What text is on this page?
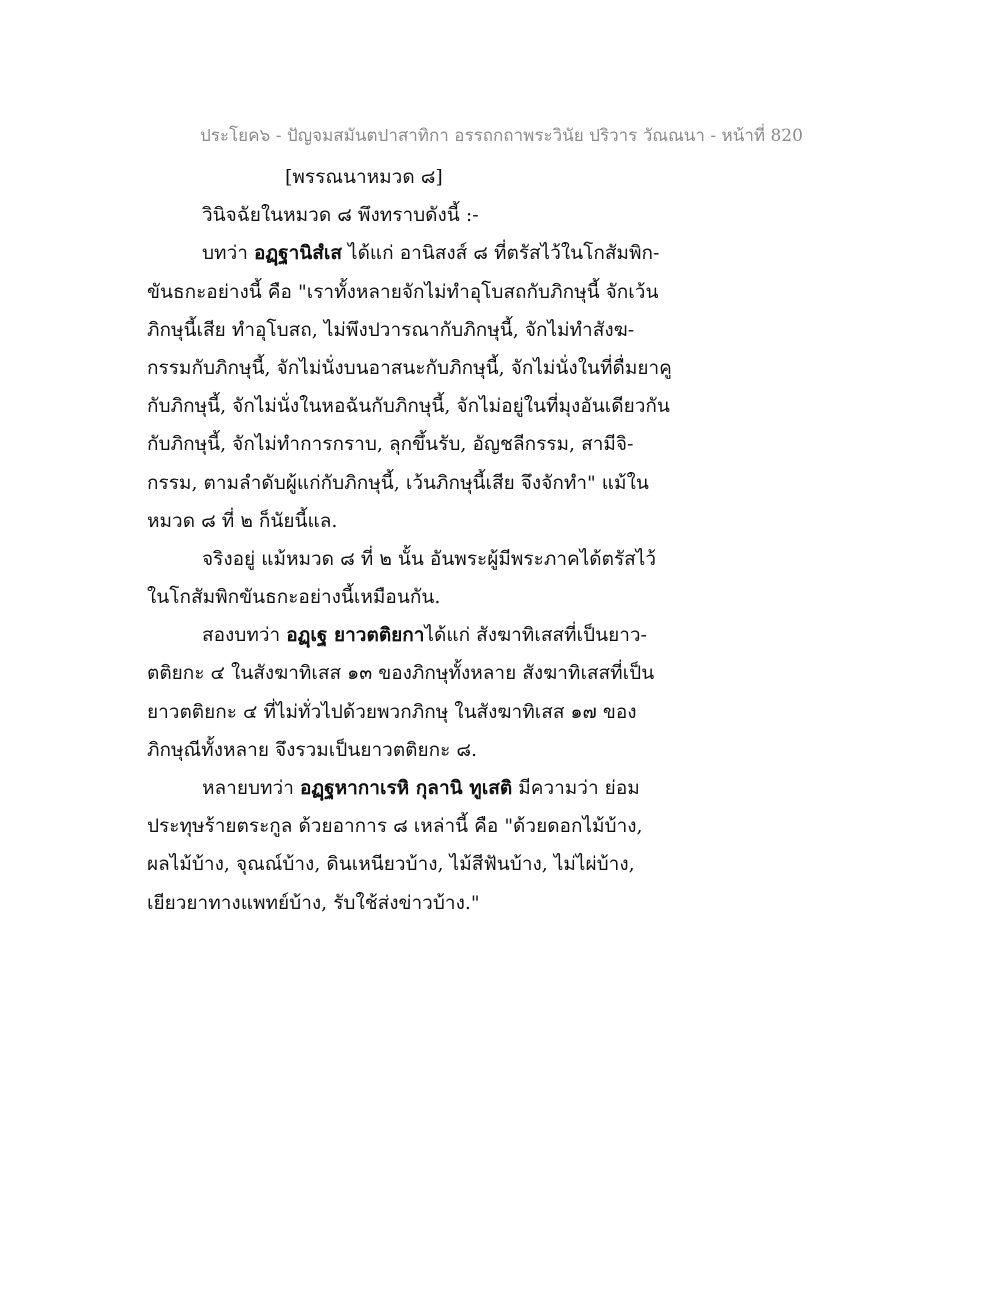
ประโยค๖ - ปัญจมสมันตปาสาทิกา อรรถกถาพระวินัย ปริวาร วัณณนา - หน้าที่ 820
[พรรณนาหมวด ๘]
วินิจฉัยในหมวด ๘ พึงทราบดังนี้ :-
บทว่า อฏฺฐานิสํเส ได้แก่ อานิสงส์ ๘ ที่ตรัสไว้ในโกสัมพิก-
ขันธกะอย่างนี้ คือ "เราทั้งหลายจักไม่ทำอุโบสถกับภิกษุนี้ จักเว้น
ภิกษุนี้เสีย ทำอุโบสถ, ไม่พึงปวารณากับภิกษุนี้, จักไม่ทำสังฆ-
กรรมกับภิกษุนี้, จักไม่นั่งบนอาสนะกับภิกษุนี้, จักไม่นั่งในที่ดื่มยาคู
กับภิกษุนี้, จักไม่นั่งในหอฉันกับภิกษุนี้, จักไม่อยู่ในที่มุงอันเดียวกัน
กับภิกษุนี้, จักไม่ทำการกราบ, ลุกขึ้นรับ, อัญชลีกรรม, สามีจิ-
กรรม, ตามลำดับผู้แก่กับภิกษุนี้, เว้นภิกษุนี้เสีย จึงจักทำ" แม้ใน
หมวด ๘ ที่ ๒ ก็นัยนี้แล.
จริงอยู่ แม้หมวด ๘ ที่ ๒ นั้น อันพระผู้มีพระภาคได้ตรัสไว้
ในโกสัมพิกขันธกะอย่างนี้เหมือนกัน.
สองบทว่า อฏฺเฐ ยาวตติยกาได้แก่ สังฆาทิเสสที่เป็นยาว-
ตติยกะ ๔ ในสังฆาทิเสส ๑๓ ของภิกษุทั้งหลาย สังฆาทิเสสที่เป็น
ยาวตติยกะ ๔ ที่ไม่ทั่วไปด้วยพวกภิกษุ ในสังฆาทิเสส ๑๗ ของ
ภิกษุณีทั้งหลาย จึงรวมเป็นยาวตติยกะ ๘.
หลายบทว่า อฏฺฐหากาเรหิ กุลานิ ทูเสติ มีความว่า ย่อม
ประทุษร้ายตระกูล ด้วยอาการ ๘ เหล่านี้ คือ "ด้วยดอกไม้บ้าง,
ผลไม้บ้าง, จุณณ์บ้าง, ดินเหนียวบ้าง, ไม้สีฟันบ้าง, ไม่ไผ่บ้าง,
เยียวยาทางแพทย์บ้าง, รับใช้ส่งข่าวบ้าง."
